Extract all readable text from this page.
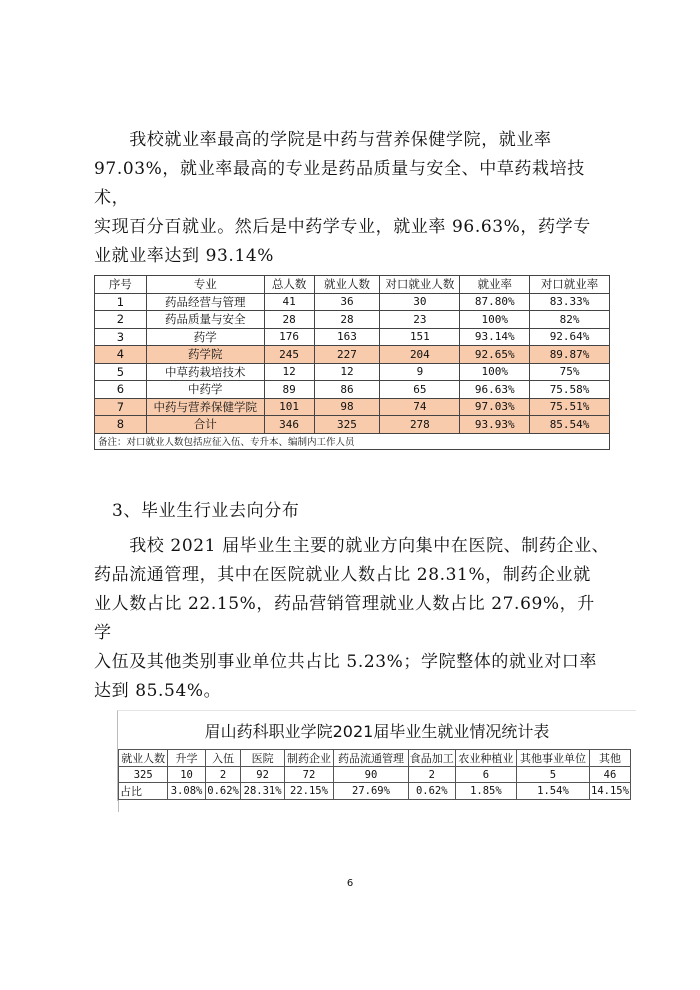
　　我校就业率最高的学院是中药与营养保健学院，就业率

97.03%，就业率最高的专业是药品质量与安全、中草药栽培技术，

实现百分百就业。然后是中药学专业，就业率 96.63%，药学专

业就业率达到 93.14%

序号	专业	总人数	就业人数	对口就业人数	就业率	对口就业率
1	药品经营与管理	41	36	30	87.80%	83.33%
2	药品质量与安全	28	28	23	100%	82%
3	药学	176	163	151	93.14%	92.64%
4	药学院	245	227	204	92.65%	89.87%
5	中草药栽培技术	12	12	9	100%	75%
6	中药学	89	86	65	96.63%	75.58%
7	中药与营养保健学院	101	98	74	97.03%	75.51%
8	合计	346	325	278	93.93%	85.54%
备注：对口就业人数包括应征入伍、专升本、编制内工作人员						
3、毕业生行业去向分布

　　我校 2021 届毕业生主要的就业方向集中在医院、制药企业、

药品流通管理，其中在医院就业人数占比 28.31%，制药企业就

业人数占比 22.15%，药品营销管理就业人数占比 27.69%，升学

入伍及其他类别事业单位共占比 5.23%；学院整体的就业对口率

达到 85.54%。

眉山药科职业学院2021届毕业生就业情况统计表
就业人数	升学	入伍	医院	制药企业	药品流通管理	食品加工	农业种植业	其他事业单位	其他
325	10	2	92	72	90	2	6	5	46
占比	3.08%	0.62%	28.31%	22.15%	27.69%	0.62%	1.85%	1.54%	14.15%

6
